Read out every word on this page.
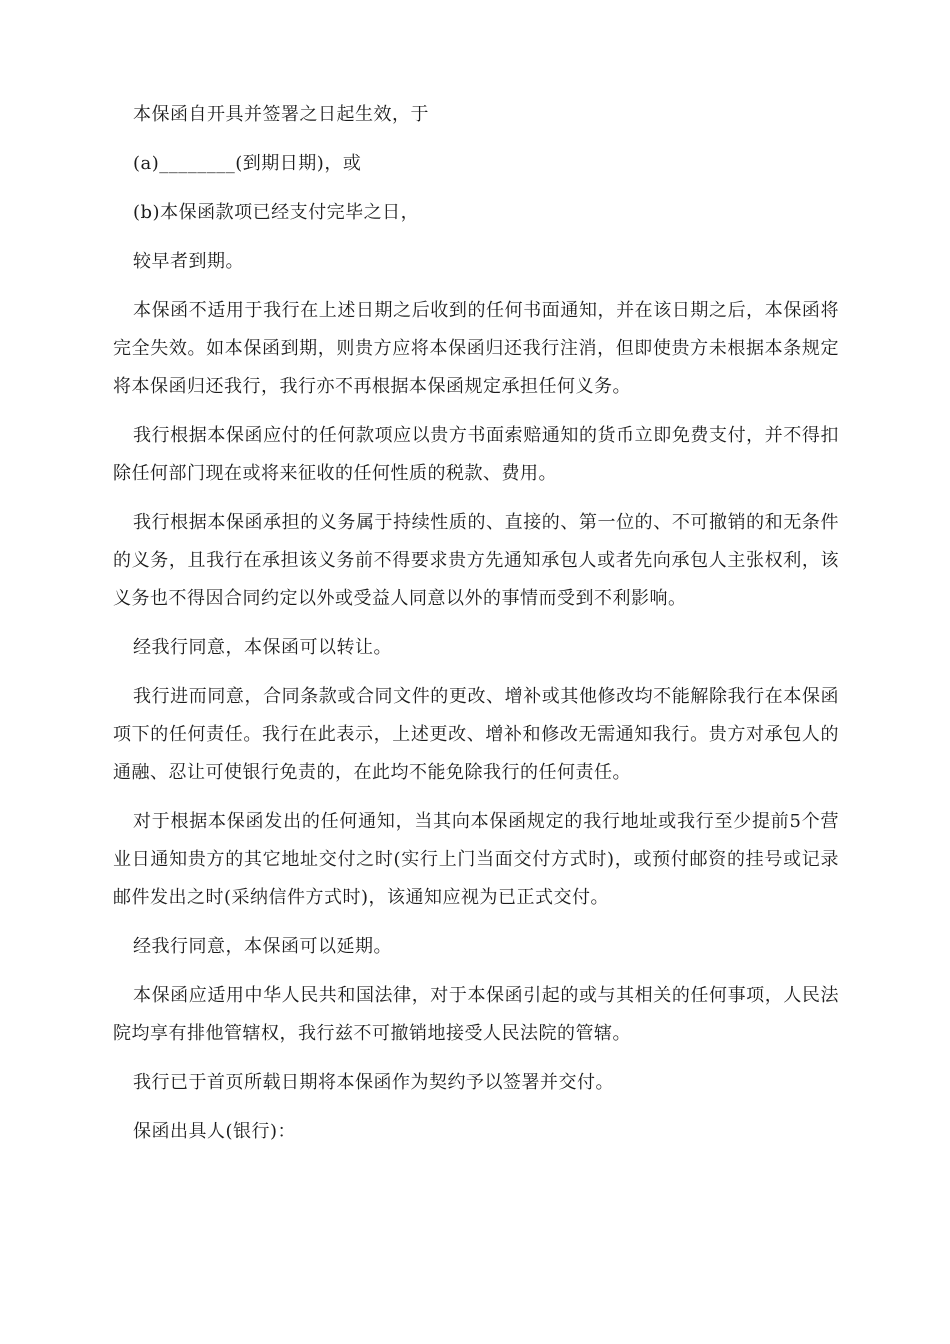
本保函自开具并签署之日起生效，于

(a)________(到期日期)，或

(b)本保函款项已经支付完毕之日，

较早者到期。

本保函不适用于我行在上述日期之后收到的任何书面通知，并在该日期之后，本保函将完全失效。如本保函到期，则贵方应将本保函归还我行注消，但即使贵方未根据本条规定将本保函归还我行，我行亦不再根据本保函规定承担任何义务。

我行根据本保函应付的任何款项应以贵方书面索赔通知的货币立即免费支付，并不得扣除任何部门现在或将来征收的任何性质的税款、费用。

我行根据本保函承担的义务属于持续性质的、直接的、第一位的、不可撤销的和无条件的义务，且我行在承担该义务前不得要求贵方先通知承包人或者先向承包人主张权利，该义务也不得因合同约定以外或受益人同意以外的事情而受到不利影响。

经我行同意，本保函可以转让。

我行进而同意，合同条款或合同文件的更改、增补或其他修改均不能解除我行在本保函项下的任何责任。我行在此表示，上述更改、增补和修改无需通知我行。贵方对承包人的通融、忍让可使银行免责的，在此均不能免除我行的任何责任。

对于根据本保函发出的任何通知，当其向本保函规定的我行地址或我行至少提前5个营业日通知贵方的其它地址交付之时(实行上门当面交付方式时)，或预付邮资的挂号或记录邮件发出之时(采纳信件方式时)，该通知应视为已正式交付。

经我行同意，本保函可以延期。

本保函应适用中华人民共和国法律，对于本保函引起的或与其相关的任何事项，人民法院均享有排他管辖权，我行兹不可撤销地接受人民法院的管辖。

我行已于首页所载日期将本保函作为契约予以签署并交付。

保函出具人(银行)：
